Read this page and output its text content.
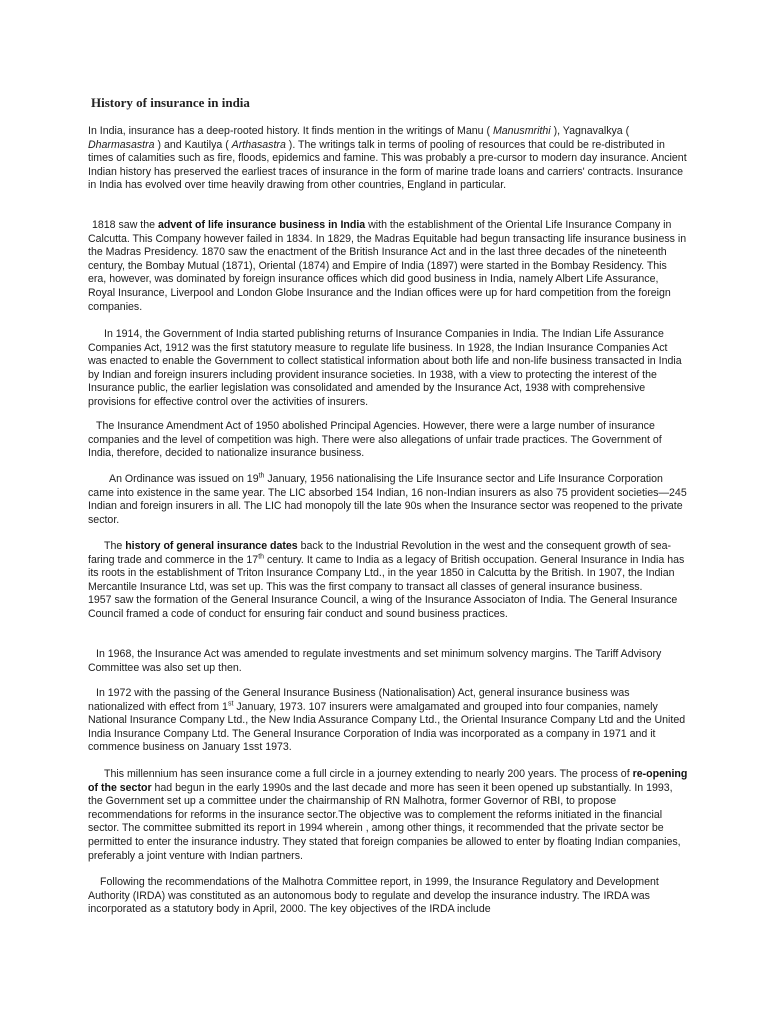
History of insurance in india

In India, insurance has a deep-rooted history. It finds mention in the writings of Manu ( Manusmrithi ), Yagnavalkya ( Dharmasastra ) and Kautilya ( Arthasastra ). The writings talk in terms of pooling of resources that could be re-distributed in times of calamities such as fire, floods, epidemics and famine. This was probably a pre-cursor to modern day insurance. Ancient Indian history has preserved the earliest traces of insurance in the form of marine trade loans and carriers' contracts. Insurance in India has evolved over time heavily drawing from other countries, England in particular.

1818 saw the advent of life insurance business in India with the establishment of the Oriental Life Insurance Company in Calcutta. This Company however failed in 1834. In 1829, the Madras Equitable had begun transacting life insurance business in the Madras Presidency. 1870 saw the enactment of the British Insurance Act and in the last three decades of the nineteenth century, the Bombay Mutual (1871), Oriental (1874) and Empire of India (1897) were started in the Bombay Residency. This era, however, was dominated by foreign insurance offices which did good business in India, namely Albert Life Assurance, Royal Insurance, Liverpool and London Globe Insurance and the Indian offices were up for hard competition from the foreign companies.

In 1914, the Government of India started publishing returns of Insurance Companies in India. The Indian Life Assurance Companies Act, 1912 was the first statutory measure to regulate life business. In 1928, the Indian Insurance Companies Act was enacted to enable the Government to collect statistical information about both life and non-life business transacted in India by Indian and foreign insurers including provident insurance societies. In 1938, with a view to protecting the interest of the Insurance public, the earlier legislation was consolidated and amended by the Insurance Act, 1938 with comprehensive provisions for effective control over the activities of insurers.

The Insurance Amendment Act of 1950 abolished Principal Agencies. However, there were a large number of insurance companies and the level of competition was high. There were also allegations of unfair trade practices. The Government of India, therefore, decided to nationalize insurance business.

An Ordinance was issued on 19th January, 1956 nationalising the Life Insurance sector and Life Insurance Corporation came into existence in the same year. The LIC absorbed 154 Indian, 16 non-Indian insurers as also 75 provident societies—245 Indian and foreign insurers in all. The LIC had monopoly till the late 90s when the Insurance sector was reopened to the private sector.

The history of general insurance dates back to the Industrial Revolution in the west and the consequent growth of sea-faring trade and commerce in the 17th century. It came to India as a legacy of British occupation. General Insurance in India has its roots in the establishment of Triton Insurance Company Ltd., in the year 1850 in Calcutta by the British. In 1907, the Indian Mercantile Insurance Ltd, was set up. This was the first company to transact all classes of general insurance business.
1957 saw the formation of the General Insurance Council, a wing of the Insurance Associaton of India. The General Insurance Council framed a code of conduct for ensuring fair conduct and sound business practices.

In 1968, the Insurance Act was amended to regulate investments and set minimum solvency margins. The Tariff Advisory Committee was also set up then.

In 1972 with the passing of the General Insurance Business (Nationalisation) Act, general insurance business was nationalized with effect from 1st January, 1973. 107 insurers were amalgamated and grouped into four companies, namely National Insurance Company Ltd., the New India Assurance Company Ltd., the Oriental Insurance Company Ltd and the United India Insurance Company Ltd. The General Insurance Corporation of India was incorporated as a company in 1971 and it commence business on January 1sst 1973.

This millennium has seen insurance come a full circle in a journey extending to nearly 200 years. The process of re-opening of the sector had begun in the early 1990s and the last decade and more has seen it been opened up substantially. In 1993, the Government set up a committee under the chairmanship of RN Malhotra, former Governor of RBI, to propose recommendations for reforms in the insurance sector.The objective was to complement the reforms initiated in the financial sector. The committee submitted its report in 1994 wherein , among other things, it recommended that the private sector be permitted to enter the insurance industry. They stated that foreign companies be allowed to enter by floating Indian companies, preferably a joint venture with Indian partners.

Following the recommendations of the Malhotra Committee report, in 1999, the Insurance Regulatory and Development Authority (IRDA) was constituted as an autonomous body to regulate and develop the insurance industry. The IRDA was incorporated as a statutory body in April, 2000. The key objectives of the IRDA include
